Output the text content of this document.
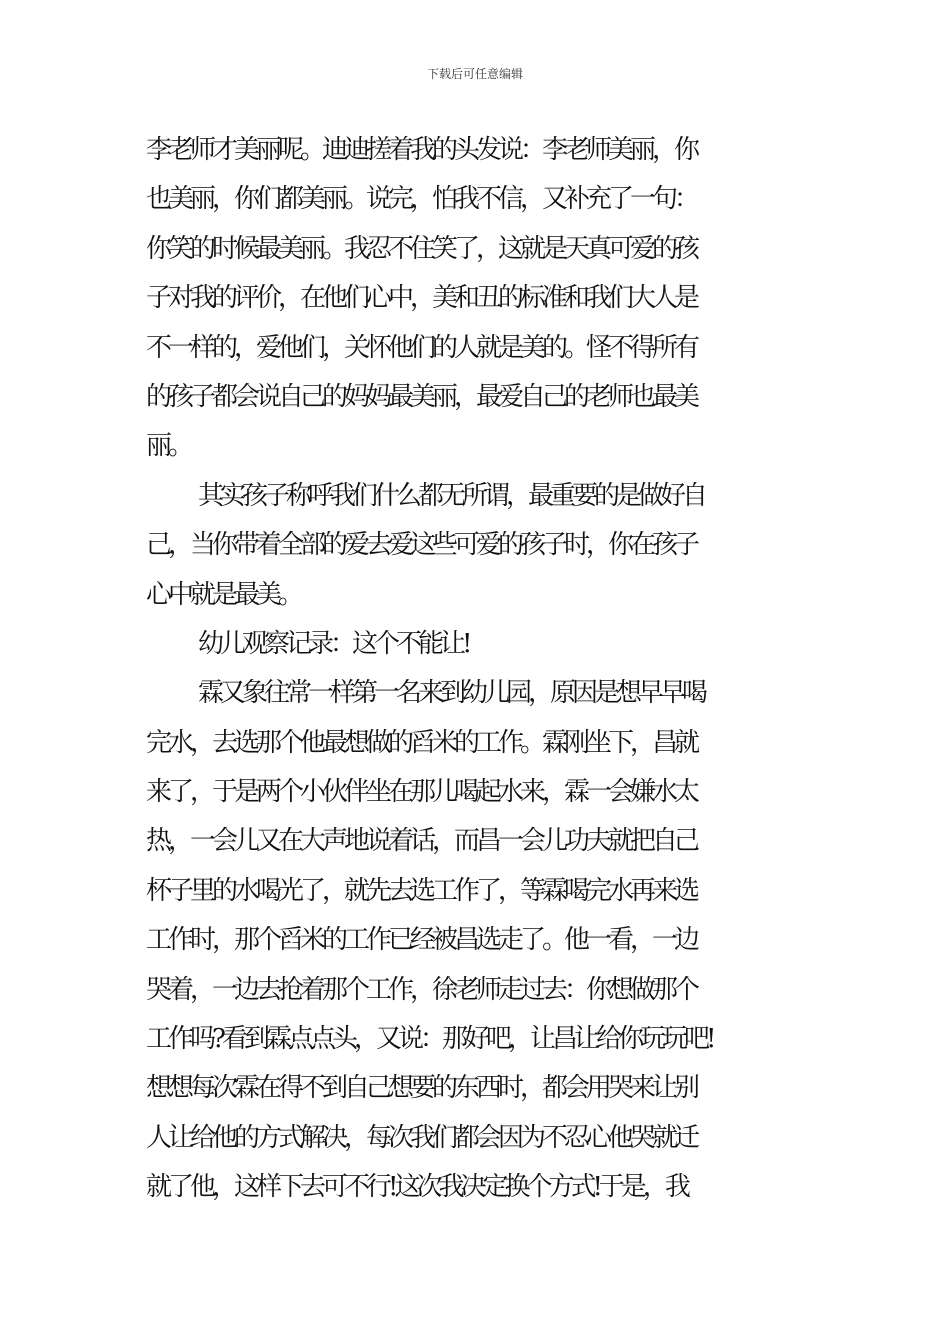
下载后可任意编辑
李老师才美丽呢。迪迪搓着我的头发说：李老师美丽，你
也美丽，你们都美丽。说完，怕我不信，又补充了一句：
你笑的时候最美丽。我忍不住笑了，这就是天真可爱的孩
子对我的评价，在他们心中，美和丑的标准和我们大人是
不一样的，爱他们，关怀他们的人就是美的。怪不得所有
的孩子都会说自己的妈妈最美丽，最爱自己的老师也最美
丽。
其实孩子称呼我们什么都无所谓，最重要的是做好自
己，当你带着全部的爱去爱这些可爱的孩子时，你在孩子
心中就是最美。
幼儿观察记录：这个不能让!
霖又象往常一样第一名来到幼儿园，原因是想早早喝
完水，去选那个他最想做的舀米的工作。霖刚坐下，昌就
来了，于是两个小伙伴坐在那儿喝起水来，霖一会嫌水太
热，一会儿又在大声地说着话，而昌一会儿功夫就把自己
杯子里的水喝光了，就先去选工作了，等霖喝完水再来选
工作时，那个舀米的工作已经被昌选走了。他一看，一边
哭着，一边去抢着那个工作，徐老师走过去：你想做那个
工作吗?看到霖点点头，又说：那好吧，让昌让给你玩玩吧!
想想每次霖在得不到自己想要的东西时，都会用哭来让别
人让给他的方式解决，每次我们都会因为不忍心他哭就迁
就了他，这样下去可不行!这次我决定换个方式!于是，我
